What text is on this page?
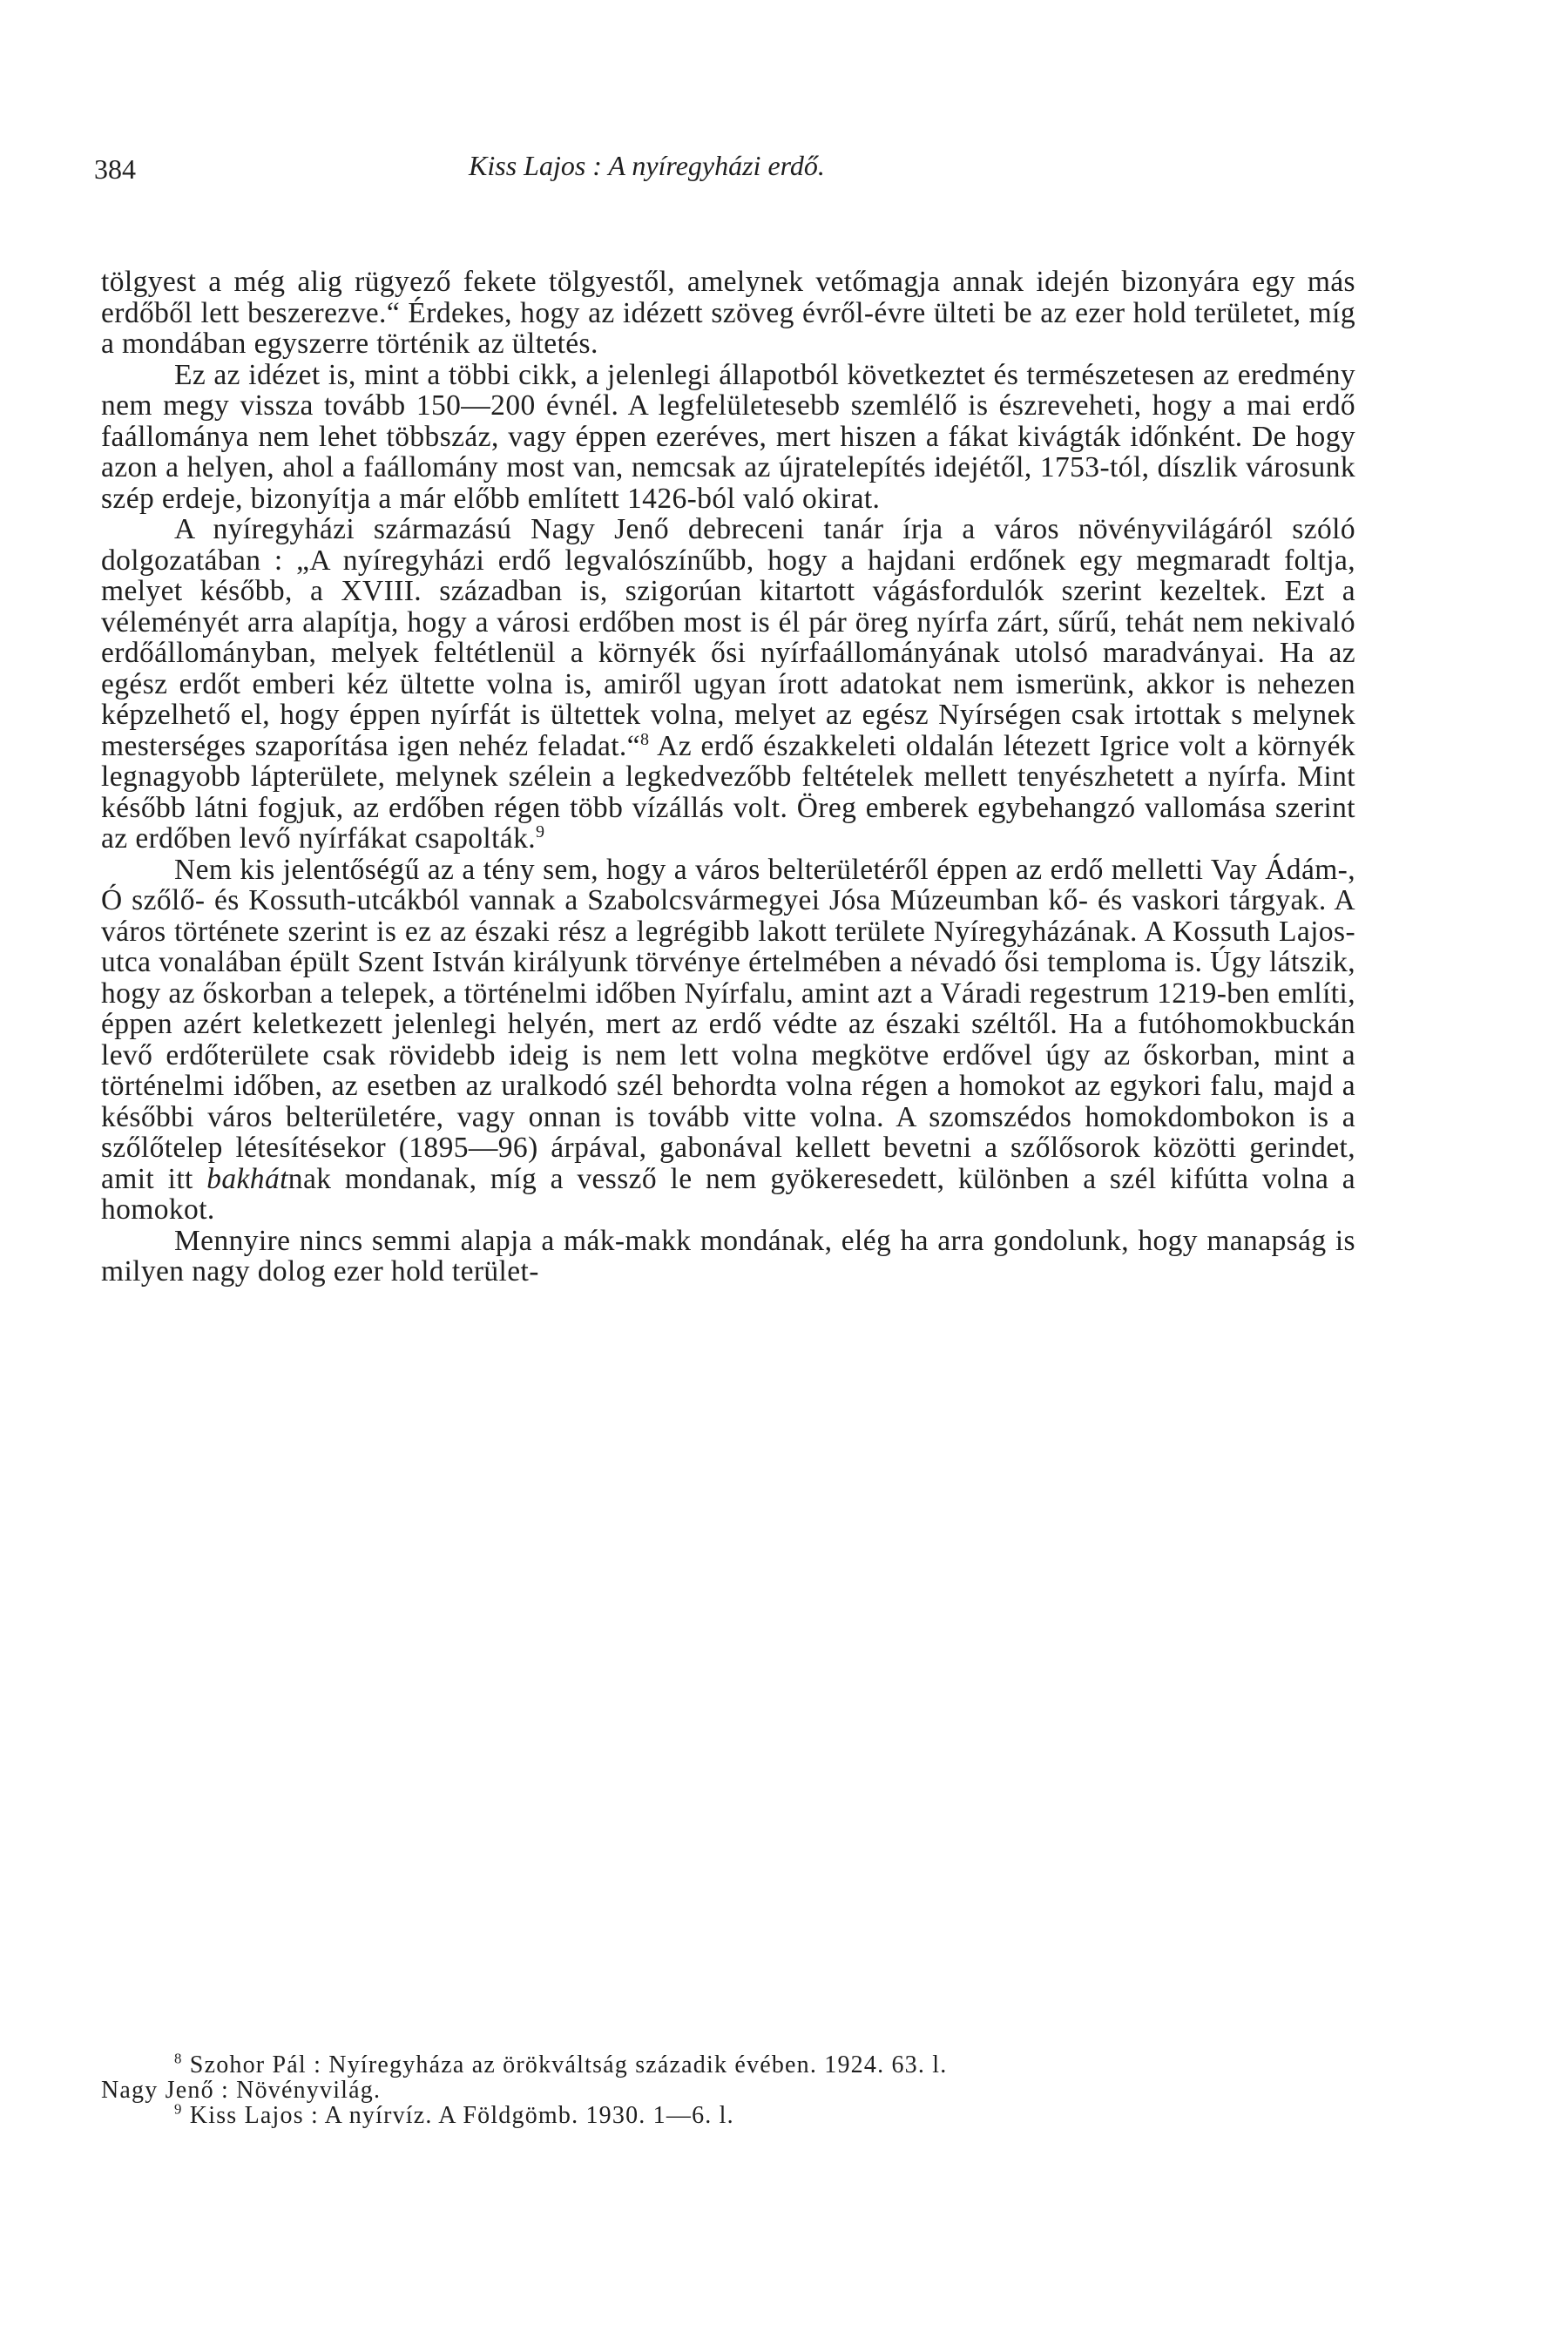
384	Kiss Lajos : A nyíregyházi erdő.

tölgyest a még alig rügyező fekete tölgyestől, amelynek vetőmagja annak idején bizonyára egy más erdőből lett beszerezve.“ Érdekes, hogy az idézett szöveg évről-évre ülteti be az ezer hold területet, míg a mondában egyszerre történik az ültetés.

Ez az idézet is, mint a többi cikk, a jelenlegi állapotból következtet és természetesen az eredmény nem megy vissza tovább 150—200 évnél. A legfelületesebb szemlélő is észreveheti, hogy a mai erdő faállománya nem lehet többszáz, vagy éppen ezeréves, mert hiszen a fákat kivágták időnként. De hogy azon a helyen, ahol a faállomány most van, nemcsak az újratelepítés idejétől, 1753-tól, díszlik városunk szép erdeje, bizonyítja a már előbb említett 1426-ból való okirat.

A nyíregyházi származású Nagy Jenő debreceni tanár írja a város növényvilágáról szóló dolgozatában : „A nyíregyházi erdő legvalószínűbb, hogy a hajdani erdőnek egy megmaradt foltja, melyet később, a XVIII. században is, szigorúan kitartott vágásfordulók szerint kezeltek. Ezt a véleményét arra alapítja, hogy a városi erdőben most is él pár öreg nyírfa zárt, sűrű, tehát nem nekivaló erdőállományban, melyek feltétlenül a környék ősi nyírfaállományának utolsó maradványai. Ha az egész erdőt emberi kéz ültette volna is, amiről ugyan írott adatokat nem ismerünk, akkor is nehezen képzelhető el, hogy éppen nyírfát is ültettek volna, melyet az egész Nyírségen csak irtottak s melynek mesterséges szaporítása igen nehéz feladat.“$^8$ Az erdő északkeleti oldalán létezett Igrice volt a környék legnagyobb lápterülete, melynek szélein a legkedvezőbb feltételek mellett tenyészhetett a nyírfa. Mint később látni fogjuk, az erdőben régen több vízállás volt. Öreg emberek egybehangzó vallomása szerint az erdőben levő nyírfákat csapolták.$^9$

Nem kis jelentőségű az a tény sem, hogy a város belterületéről éppen az erdő melletti Vay Ádám-, Ó szőlő- és Kossuth-utcákból vannak a Szabolcsvármegyei Jósa Múzeumban kő- és vaskori tárgyak. A város története szerint is ez az északi rész a legrégibb lakott területe Nyíregyházának. A Kossuth Lajos-utca vonalában épült Szent István királyunk törvénye értelmében a névadó ősi temploma is. Úgy látszik, hogy az őskorban a telepek, a történelmi időben Nyírfalu, amint azt a Váradi regestrum 1219-ben említi, éppen azért keletkezett jelenlegi helyén, mert az erdő védte az északi széltől. Ha a futóhomokbuckán levő erdőterülete csak rövidebb ideig is nem lett volna megkötve erdővel úgy az őskorban, mint a történelmi időben, az esetben az uralkodó szél behordta volna régen a homokot az egykori falu, majd a későbbi város belterületére, vagy onnan is tovább vitte volna. A szomszédos homokdombokon is a szőlőtelep létesítésekor (1895—96) árpával, gabonával kellett bevetni a szőlősorok közötti gerindet, amit itt bakhátnak mondanak, míg a vessző le nem gyökeresedett, különben a szél kifútta volna a homokot.

Mennyire nincs semmi alapja a mák-makk mondának, elég ha arra gondolunk, hogy manapság is milyen nagy dolog ezer hold terület-

$^8$ Szohor Pál : Nyíregyháza az örökváltság századik évében. 1924. 63. l.

Nagy Jenő : Növényvilág.

$^9$ Kiss Lajos : A nyírvíz. A Földgömb. 1930. 1—6. l.
